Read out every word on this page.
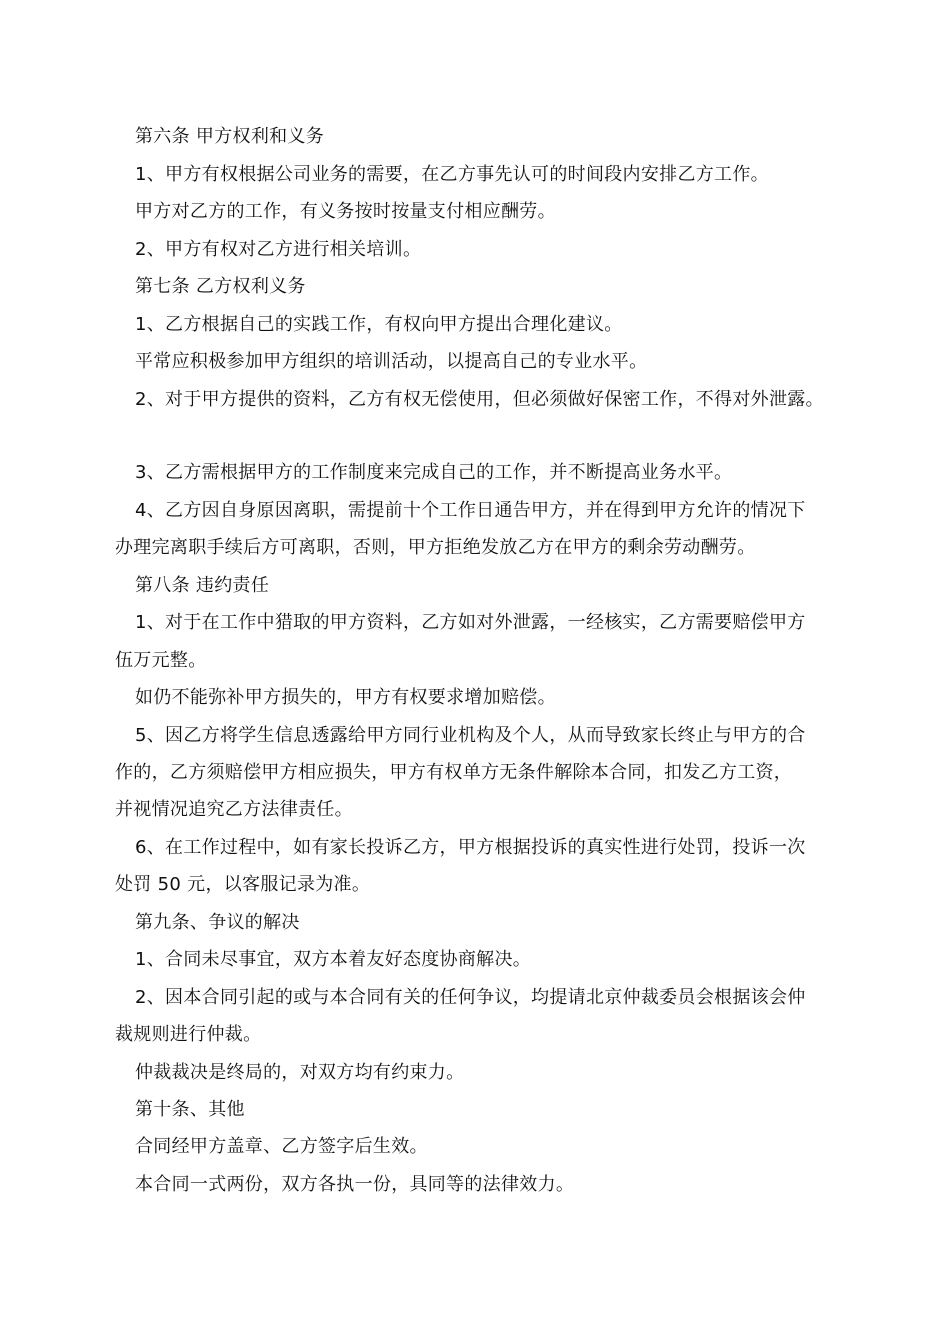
第六条 甲方权利和义务
1、甲方有权根据公司业务的需要，在乙方事先认可的时间段内安排乙方工作。
甲方对乙方的工作，有义务按时按量支付相应酬劳。
2、甲方有权对乙方进行相关培训。
第七条 乙方权利义务
1、乙方根据自己的实践工作，有权向甲方提出合理化建议。
平常应积极参加甲方组织的培训活动，以提高自己的专业水平。
2、对于甲方提供的资料，乙方有权无偿使用，但必须做好保密工作，不得对外泄露。
3、乙方需根据甲方的工作制度来完成自己的工作，并不断提高业务水平。
4、乙方因自身原因离职，需提前十个工作日通告甲方，并在得到甲方允许的情况下
办理完离职手续后方可离职，否则，甲方拒绝发放乙方在甲方的剩余劳动酬劳。
第八条 违约责任
1、对于在工作中猎取的甲方资料，乙方如对外泄露，一经核实，乙方需要赔偿甲方
伍万元整。
如仍不能弥补甲方损失的，甲方有权要求增加赔偿。
5、因乙方将学生信息透露给甲方同行业机构及个人，从而导致家长终止与甲方的合
作的，乙方须赔偿甲方相应损失，甲方有权单方无条件解除本合同，扣发乙方工资，
并视情况追究乙方法律责任。
6、在工作过程中，如有家长投诉乙方，甲方根据投诉的真实性进行处罚，投诉一次
处罚 50 元，以客服记录为准。
第九条、争议的解决
1、合同未尽事宜，双方本着友好态度协商解决。
2、因本合同引起的或与本合同有关的任何争议，均提请北京仲裁委员会根据该会仲
裁规则进行仲裁。
仲裁裁决是终局的，对双方均有约束力。
第十条、其他
合同经甲方盖章、乙方签字后生效。
本合同一式两份，双方各执一份，具同等的法律效力。
